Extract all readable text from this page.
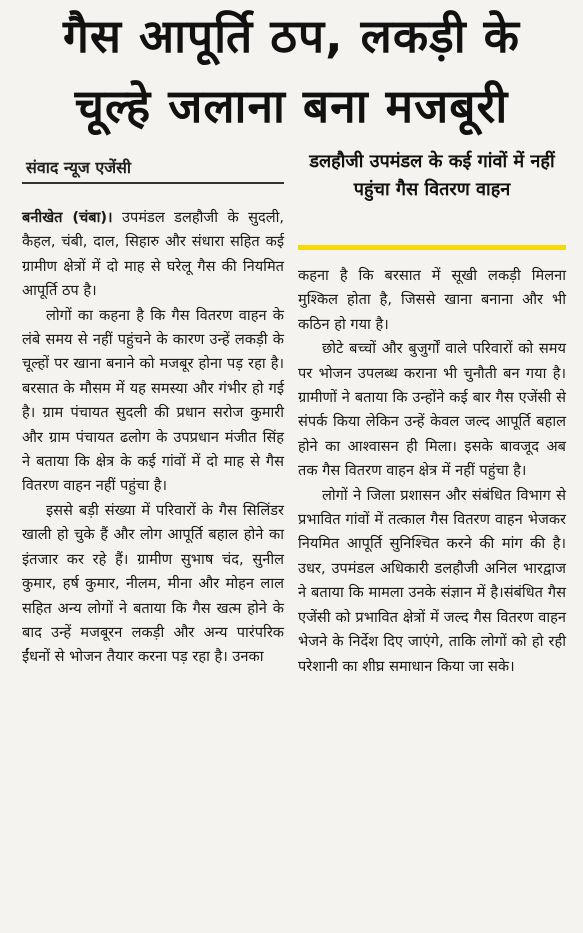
गैस आपूर्ति ठप, लकड़ी के
चूल्हे जलाना बना मजबूरी
संवाद न्यूज एजेंसी	डलहौजी उपमंडल के कई गांवों में नहीं पहुंचा गैस वितरण वाहन

बनीखेत (चंबा)। उपमंडल डलहौजी के सुदली, कैहल, चंबी, दाल, सिहारु और संधारा सहित कई ग्रामीण क्षेत्रों में दो माह से घरेलू गैस की नियमित आपूर्ति ठप है।

लोगों का कहना है कि गैस वितरण वाहन के लंबे समय से नहीं पहुंचने के कारण उन्हें लकड़ी के चूल्हों पर खाना बनाने को मजबूर होना पड़ रहा है। बरसात के मौसम में यह समस्या और गंभीर हो गई है। ग्राम पंचायत सुदली की प्रधान सरोज कुमारी और ग्राम पंचायत ढलोग के उपप्रधान मंजीत सिंह ने बताया कि क्षेत्र के कई गांवों में दो माह से गैस वितरण वाहन नहीं पहुंचा है।

इससे बड़ी संख्या में परिवारों के गैस सिलिंडर खाली हो चुके हैं और लोग आपूर्ति बहाल होने का इंतजार कर रहे हैं। ग्रामीण सुभाष चंद, सुनील कुमार, हर्ष कुमार, नीलम, मीना और मोहन लाल सहित अन्य लोगों ने बताया कि गैस खत्म होने के बाद उन्हें मजबूरन लकड़ी और अन्य पारंपरिक ईंधनों से भोजन तैयार करना पड़ रहा है। उनका

कहना है कि बरसात में सूखी लकड़ी मिलना मुश्किल होता है, जिससे खाना बनाना और भी कठिन हो गया है।

छोटे बच्चों और बुजुर्गों वाले परिवारों को समय पर भोजन उपलब्ध कराना भी चुनौती बन गया है। ग्रामीणों ने बताया कि उन्होंने कई बार गैस एजेंसी से संपर्क किया लेकिन उन्हें केवल जल्द आपूर्ति बहाल होने का आश्वासन ही मिला। इसके बावजूद अब तक गैस वितरण वाहन क्षेत्र में नहीं पहुंचा है।

लोगों ने जिला प्रशासन और संबंधित विभाग से प्रभावित गांवों में तत्काल गैस वितरण वाहन भेजकर नियमित आपूर्ति सुनिश्चित करने की मांग की है। उधर, उपमंडल अधिकारी डलहौजी अनिल भारद्वाज ने बताया कि मामला उनके संज्ञान में है।संबंधित गैस एजेंसी को प्रभावित क्षेत्रों में जल्द गैस वितरण वाहन भेजने के निर्देश दिए जाएंगे, ताकि लोगों को हो रही परेशानी का शीघ्र समाधान किया जा सके।
